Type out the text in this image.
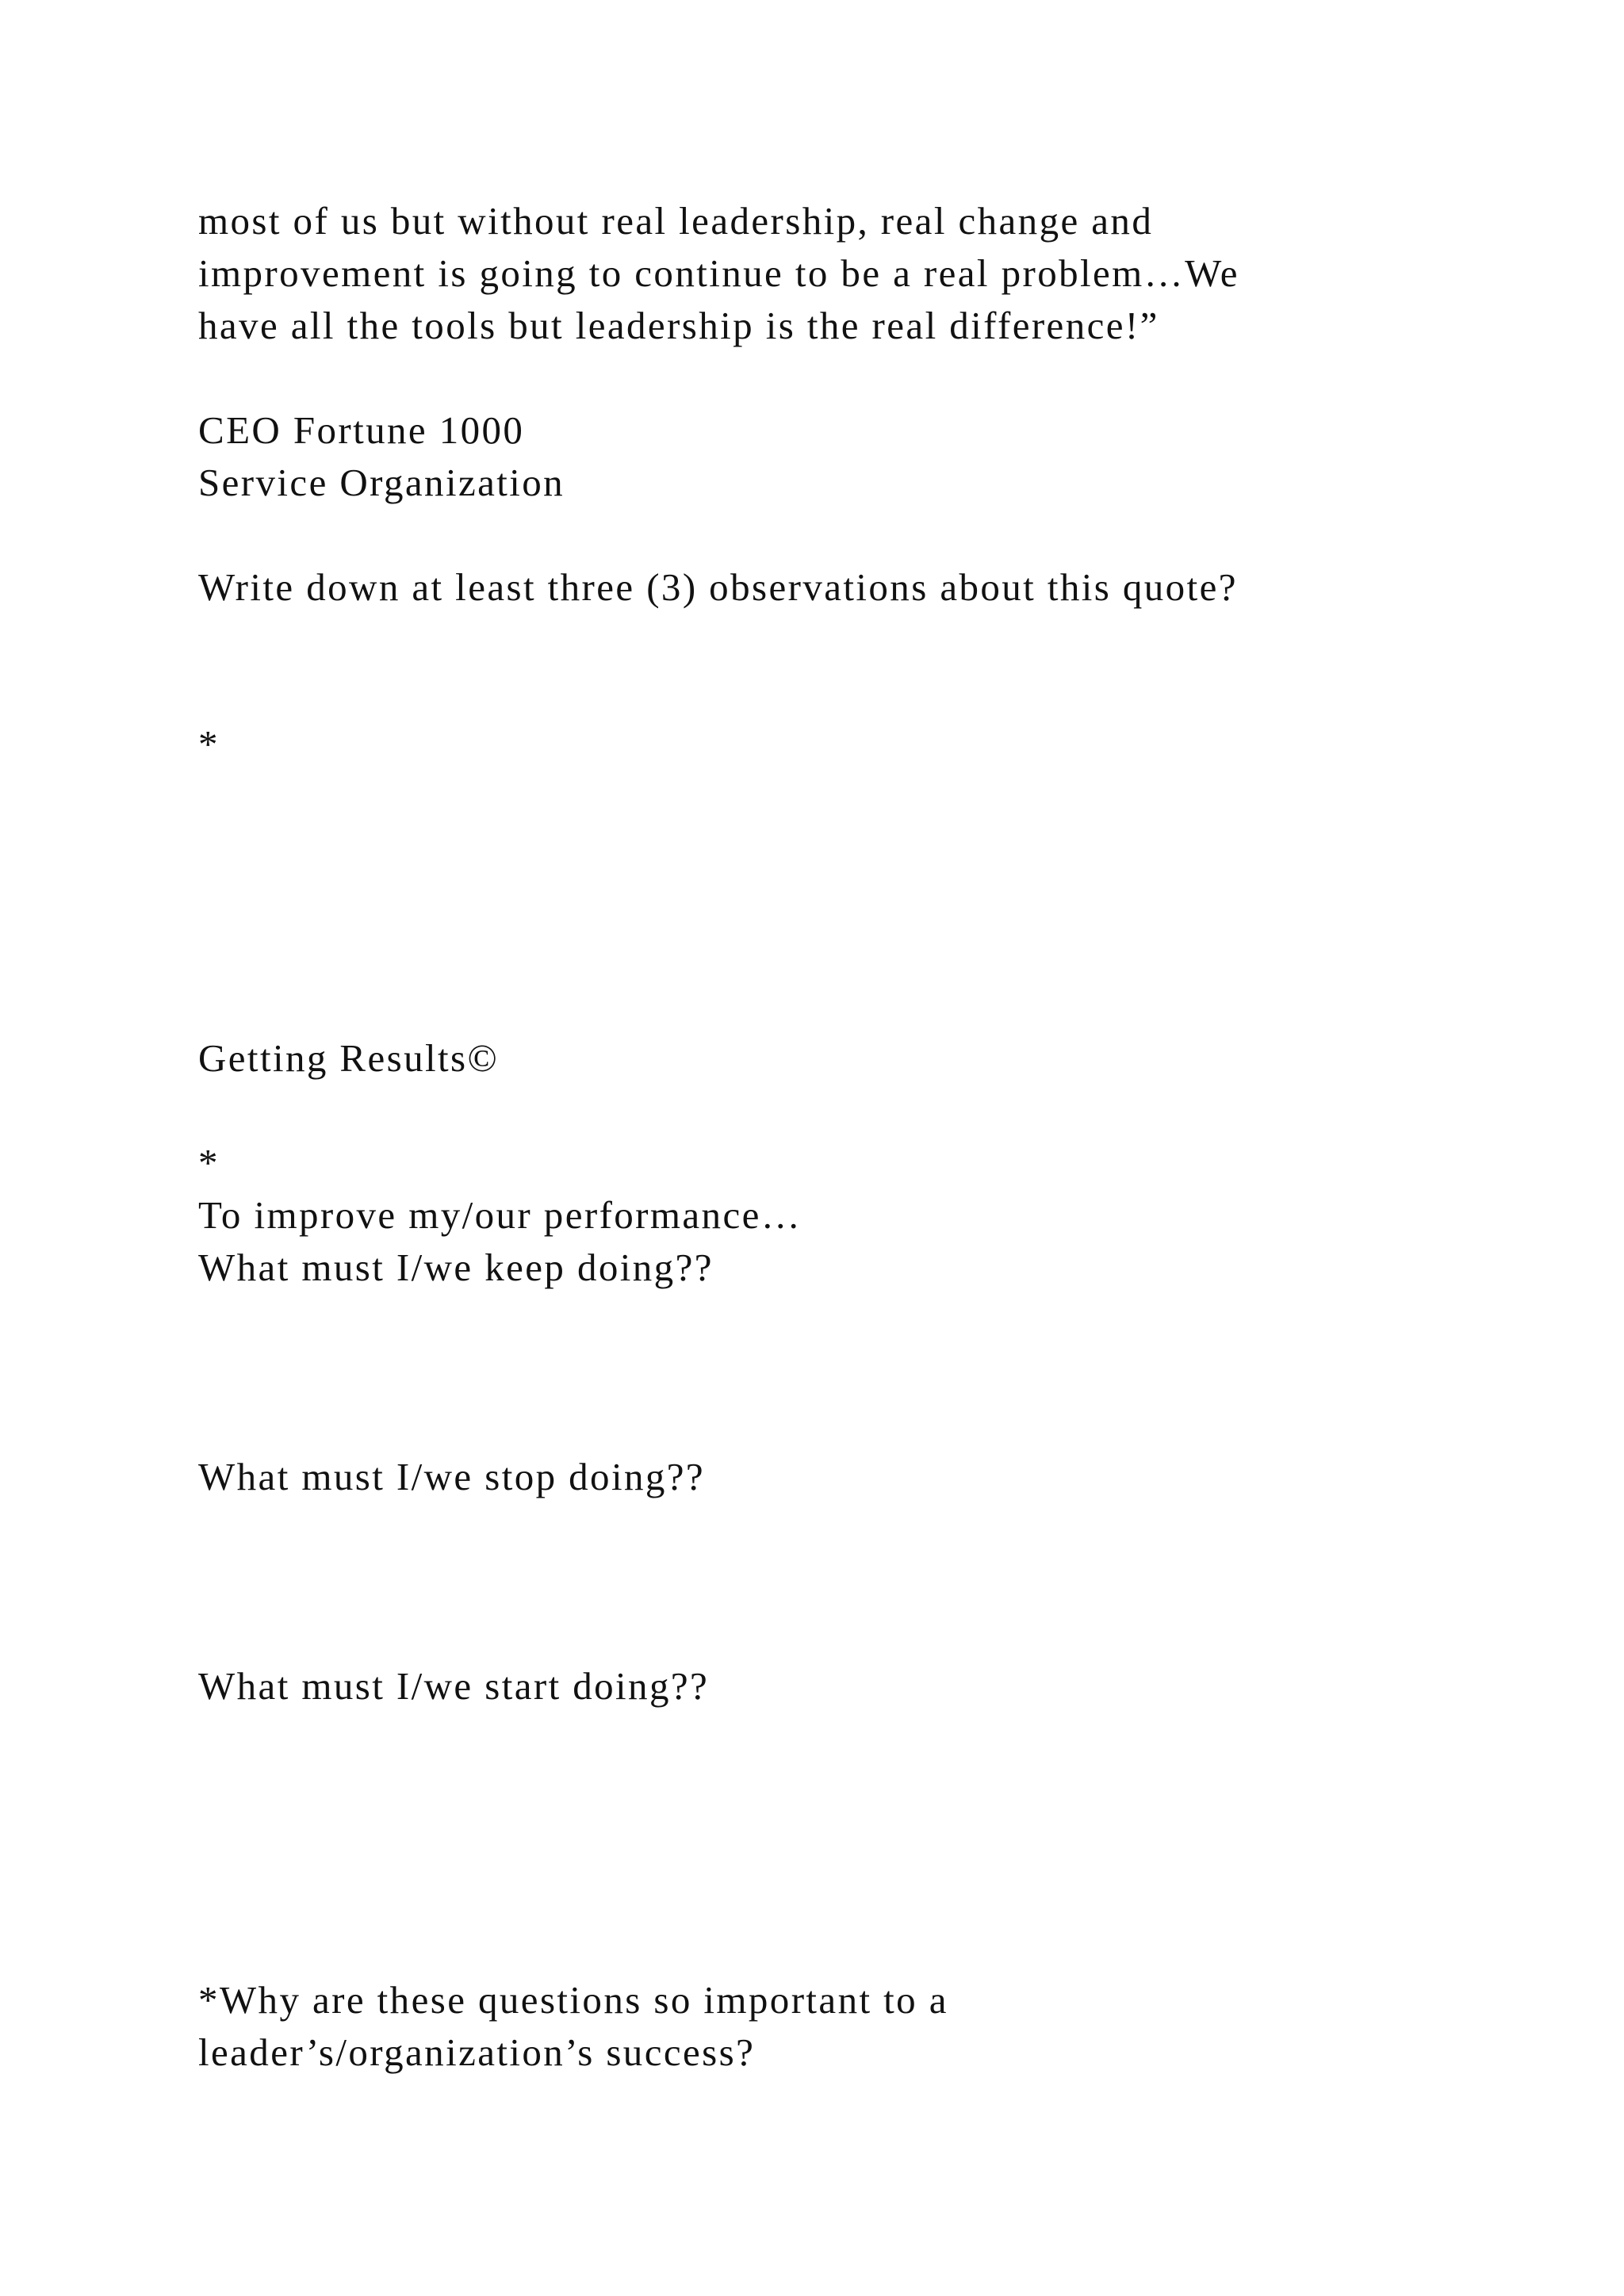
most of us but without real leadership, real change and
improvement is going to continue to be a real problem…We
have all the tools but leadership is the real difference!”
CEO Fortune 1000
Service Organization
Write down at least three (3) observations about this quote?
*
Getting Results©
*
To improve my/our performance…
What must I/we keep doing??
What must I/we stop doing??
What must I/we start doing??
*Why are these questions so important to a
leader’s/organization’s success?
